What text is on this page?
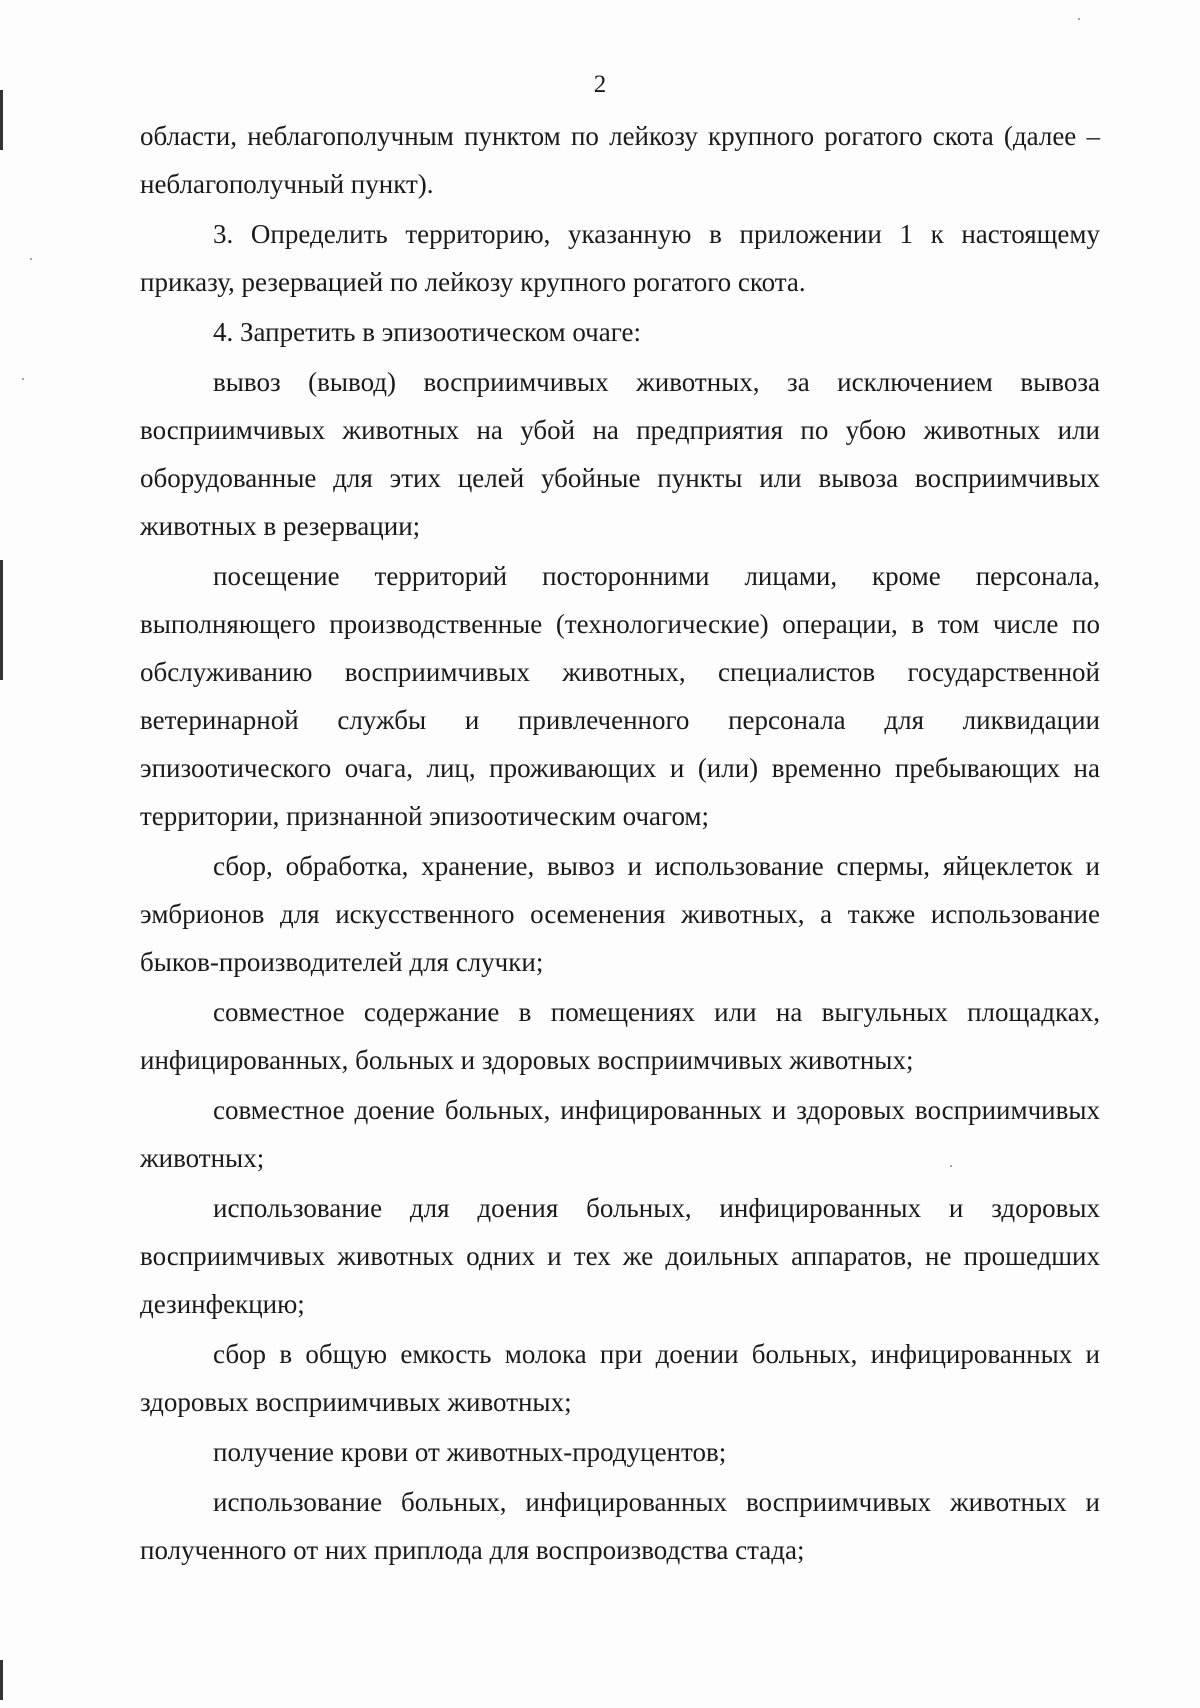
2

области, неблагополучным пунктом по лейкозу крупного рогатого скота (далее – неблагополучный пункт).

3. Определить территорию, указанную в приложении 1 к настоящему приказу, резервацией по лейкозу крупного рогатого скота.

4. Запретить в эпизоотическом очаге:

вывоз (вывод) восприимчивых животных, за исключением вывоза восприимчивых животных на убой на предприятия по убою животных или оборудованные для этих целей убойные пункты или вывоза восприимчивых животных в резервации;

посещение территорий посторонними лицами, кроме персонала, выполняющего производственные (технологические) операции, в том числе по обслуживанию восприимчивых животных, специалистов государственной ветеринарной службы и привлеченного персонала для ликвидации эпизоотического очага, лиц, проживающих и (или) временно пребывающих на территории, признанной эпизоотическим очагом;

сбор, обработка, хранение, вывоз и использование спермы, яйцеклеток и эмбрионов для искусственного осеменения животных, а также использование быков-производителей для случки;

совместное содержание в помещениях или на выгульных площадках, инфицированных, больных и здоровых восприимчивых животных;

совместное доение больных, инфицированных и здоровых восприимчивых животных;

использование для доения больных, инфицированных и здоровых восприимчивых животных одних и тех же доильных аппаратов, не прошедших дезинфекцию;

сбор в общую емкость молока при доении больных, инфицированных и здоровых восприимчивых животных;

получение крови от животных-продуцентов;

использование больных, инфицированных восприимчивых животных и полученного от них приплода для воспроизводства стада;
